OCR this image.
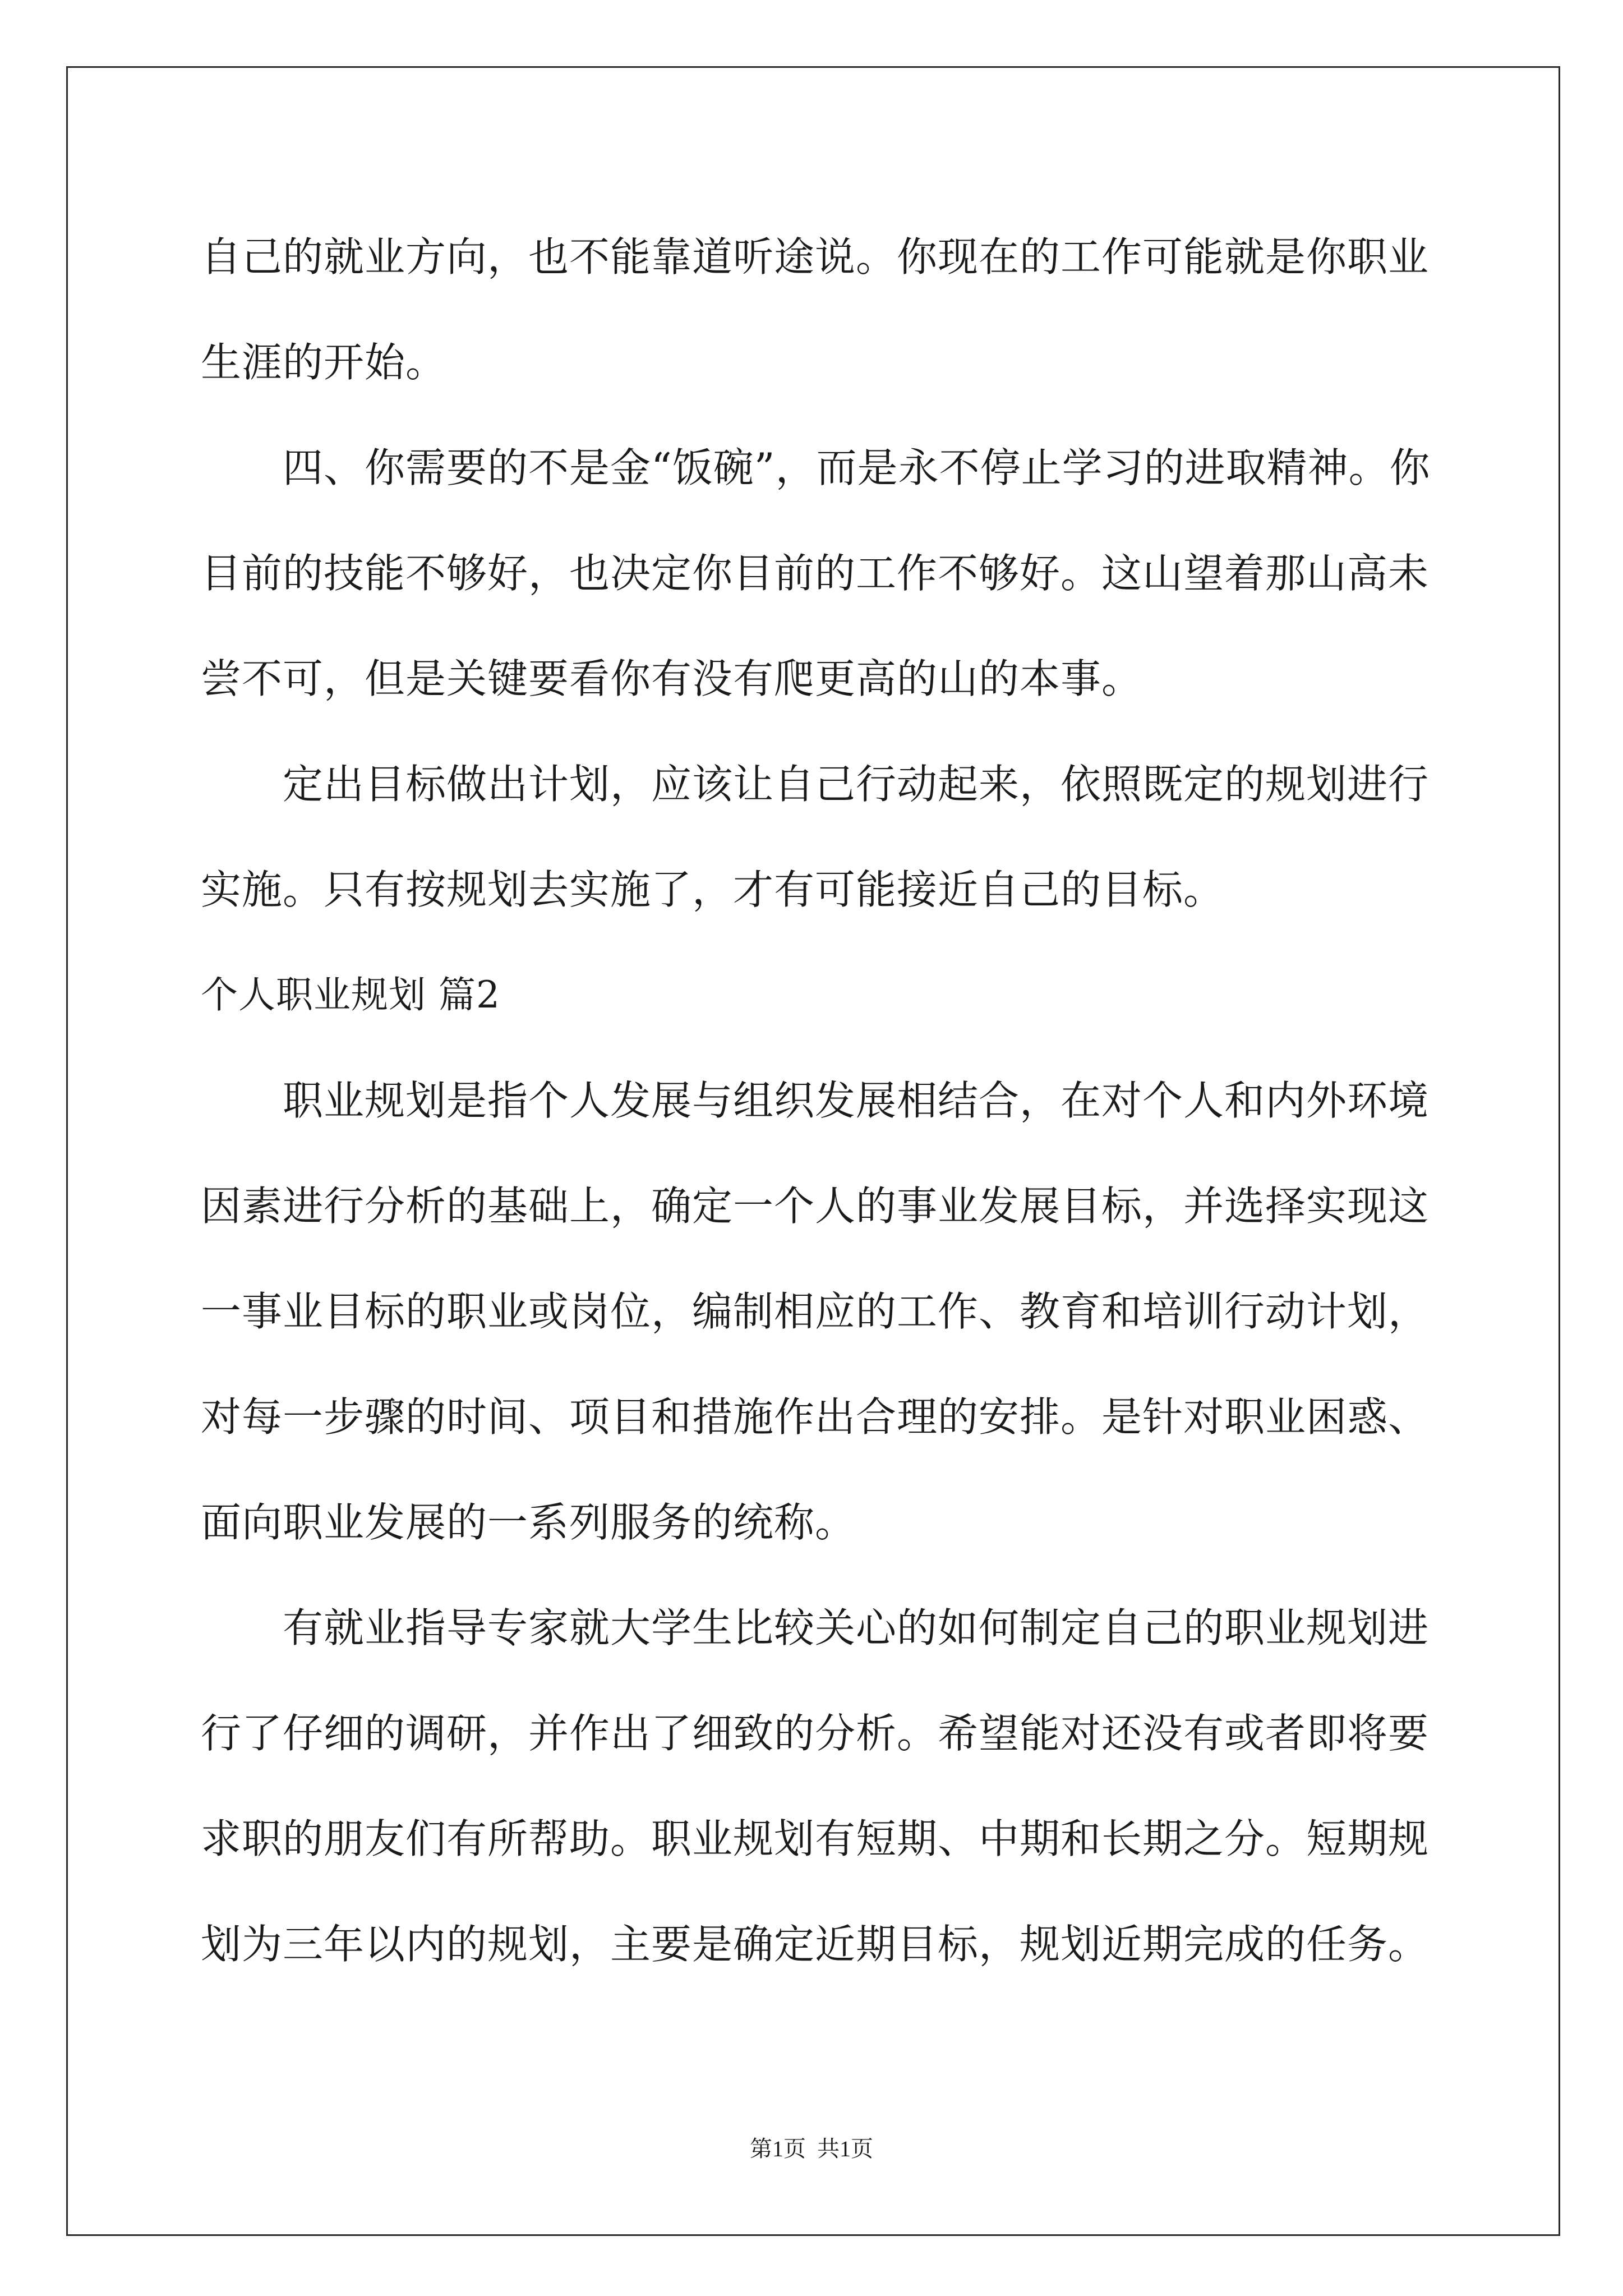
自己的就业方向，也不能靠道听途说。你现在的工作可能就是你职业
生涯的开始。
四、你需要的不是金“饭碗”，而是永不停止学习的进取精神。你
目前的技能不够好，也决定你目前的工作不够好。这山望着那山高未
尝不可，但是关键要看你有没有爬更高的山的本事。
定出目标做出计划，应该让自己行动起来，依照既定的规划进行
实施。只有按规划去实施了，才有可能接近自己的目标。
个人职业规划 篇2
职业规划是指个人发展与组织发展相结合，在对个人和内外环境
因素进行分析的基础上，确定一个人的事业发展目标，并选择实现这
一事业目标的职业或岗位，编制相应的工作、教育和培训行动计划，
对每一步骤的时间、项目和措施作出合理的安排。是针对职业困惑、
面向职业发展的一系列服务的统称。
有就业指导专家就大学生比较关心的如何制定自己的职业规划进
行了仔细的调研，并作出了细致的分析。希望能对还没有或者即将要
求职的朋友们有所帮助。职业规划有短期、中期和长期之分。短期规
划为三年以内的规划，主要是确定近期目标，规划近期完成的任务。
第1页  共1页
